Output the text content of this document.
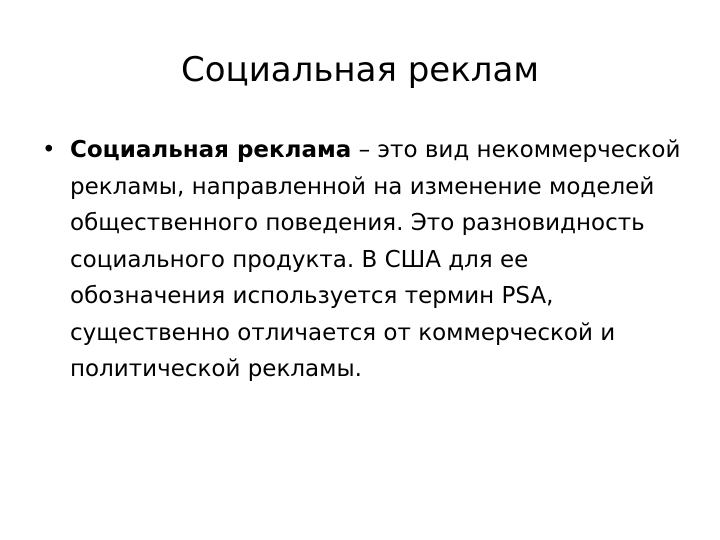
Социальная реклам
• Социальная реклама – это вид некоммерческой рекламы, направленной на изменение моделей общественного поведения. Это разновидность социального продукта. В США для ее обозначения используется термин PSA, существенно отличается от коммерческой и политической рекламы.
